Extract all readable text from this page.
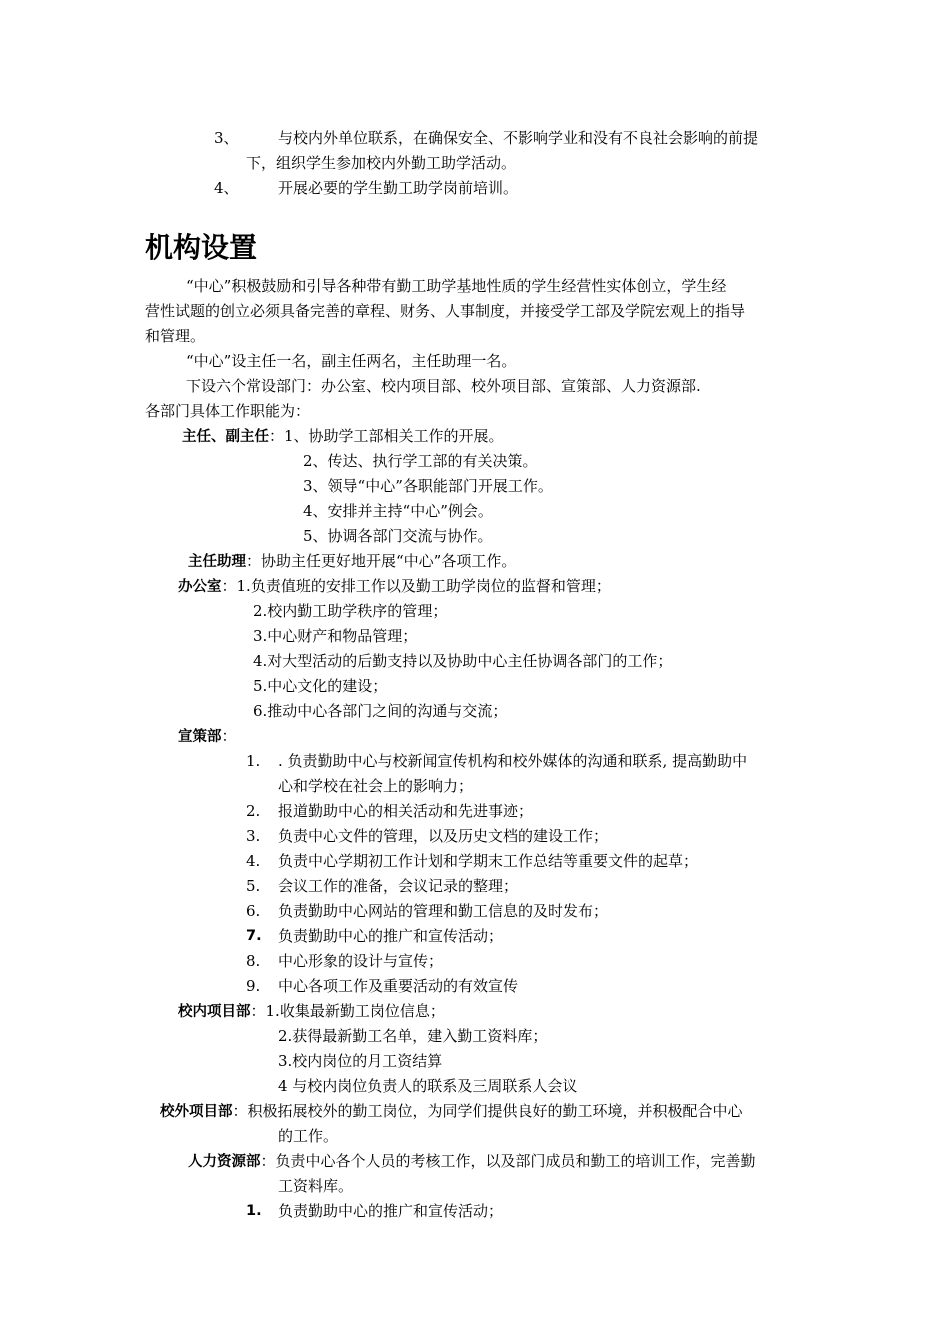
3、	与校内外单位联系，在确保安全、不影响学业和没有不良社会影响的前提
下，组织学生参加校内外勤工助学活动。
4、	开展必要的学生勤工助学岗前培训。
机构设置
“中心”积极鼓励和引导各种带有勤工助学基地性质的学生经营性实体创立，学生经
营性试题的创立必须具备完善的章程、财务、人事制度，并接受学工部及学院宏观上的指导
和管理。
“中心”设主任一名，副主任两名，主任助理一名。
下设六个常设部门：办公室、校内项目部、校外项目部、宣策部、人力资源部.
各部门具体工作职能为：
主任、副主任：1、协助学工部相关工作的开展。
2、传达、执行学工部的有关决策。
3、领导“中心”各职能部门开展工作。
4、安排并主持“中心”例会。
5、协调各部门交流与协作。
主任助理：协助主任更好地开展“中心”各项工作。
办公室：1.负责值班的安排工作以及勤工助学岗位的监督和管理；
2.校内勤工助学秩序的管理；
3.中心财产和物品管理；
4.对大型活动的后勤支持以及协助中心主任协调各部门的工作；
5.中心文化的建设；
6.推动中心各部门之间的沟通与交流；
宣策部：
1. . 负责勤助中心与校新闻宣传机构和校外媒体的沟通和联系, 提高勤助中
心和学校在社会上的影响力；
2. 报道勤助中心的相关活动和先进事迹；
3. 负责中心文件的管理，以及历史文档的建设工作；
4. 负责中心学期初工作计划和学期末工作总结等重要文件的起草；
5. 会议工作的准备，会议记录的整理；
6. 负责勤助中心网站的管理和勤工信息的及时发布；
7. 负责勤助中心的推广和宣传活动；
8. 中心形象的设计与宣传；
9. 中心各项工作及重要活动的有效宣传
校内项目部：1.收集最新勤工岗位信息；
2.获得最新勤工名单，建入勤工资料库；
3.校内岗位的月工资结算
4 与校内岗位负责人的联系及三周联系人会议
校外项目部：积极拓展校外的勤工岗位，为同学们提供良好的勤工环境，并积极配合中心
的工作。
人力资源部：负责中心各个人员的考核工作，以及部门成员和勤工的培训工作，完善勤
工资料库。
1. 负责勤助中心的推广和宣传活动；
